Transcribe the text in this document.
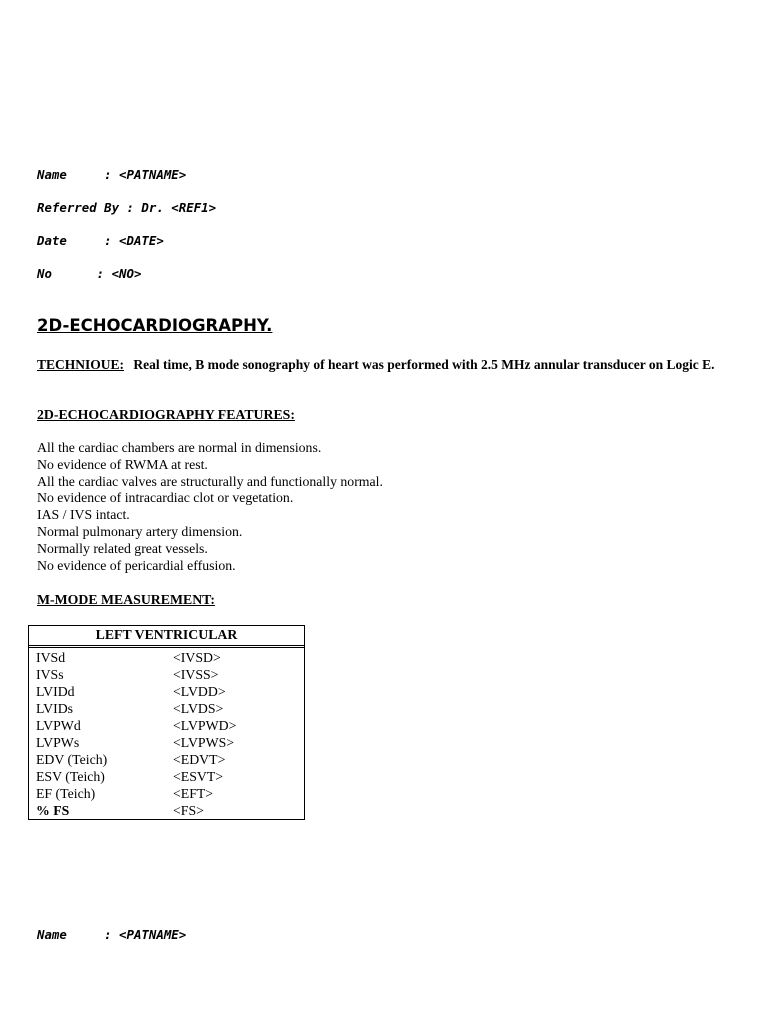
Name     : <PATNAME>
Referred By : Dr. <REF1>
Date     : <DATE>
No      : <NO>
2D-ECHOCARDIOGRAPHY.
TECHNIOUE: Real time, B mode sonography of heart was performed with 2.5 MHz annular transducer on Logic E.
2D-ECHOCARDIOGRAPHY FEATURES:
All the cardiac chambers are normal in dimensions.
No evidence of RWMA at rest.
All the cardiac valves are structurally and functionally normal.
No evidence of intracardiac clot or vegetation.
IAS / IVS intact.
Normal pulmonary artery dimension.
Normally related great vessels.
No evidence of pericardial effusion.
M-MODE MEASUREMENT:
LEFT VENTRICULAR
IVSd	<IVSD>
IVSs	<IVSS>
LVIDd	<LVDD>
LVIDs	<LVDS>
LVPWd	<LVPWD>
LVPWs	<LVPWS>
EDV (Teich)	<EDVT>
ESV (Teich)	<ESVT>
EF (Teich)	<EFT>
% FS	<FS>
Name     : <PATNAME>
